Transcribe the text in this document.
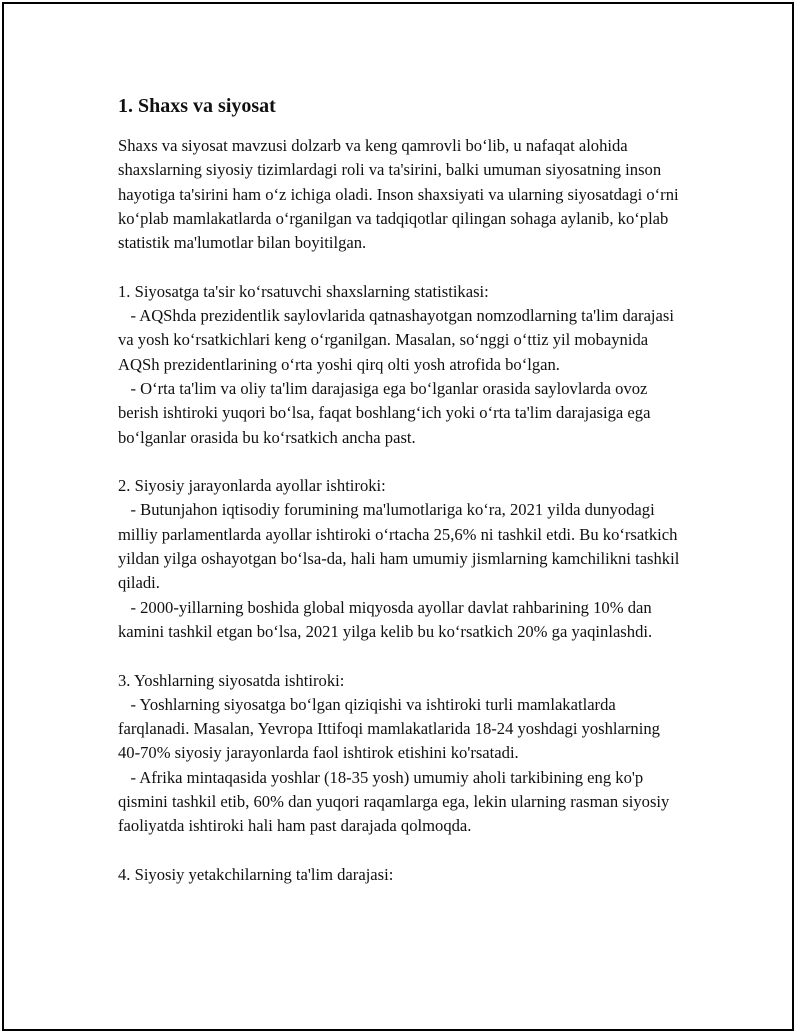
1. Shaxs va siyosat

Shaxs va siyosat mavzusi dolzarb va keng qamrovli bo‘lib, u nafaqat alohida shaxslarning siyosiy tizimlardagi roli va ta'sirini, balki umuman siyosatning inson hayotiga ta'sirini ham o‘z ichiga oladi. Inson shaxsiyati va ularning siyosatdagi o‘rni ko‘plab mamlakatlarda o‘rganilgan va tadqiqotlar qilingan sohaga aylanib, ko‘plab statistik ma'lumotlar bilan boyitilgan.

1. Siyosatga ta'sir ko‘rsatuvchi shaxslarning statistikasi:

- AQShda prezidentlik saylovlarida qatnashayotgan nomzodlarning ta'lim darajasi va yosh ko‘rsatkichlari keng o‘rganilgan. Masalan, so‘nggi o‘ttiz yil mobaynida AQSh prezidentlarining o‘rta yoshi qirq olti yosh atrofida bo‘lgan.

- O‘rta ta'lim va oliy ta'lim darajasiga ega bo‘lganlar orasida saylovlarda ovoz berish ishtiroki yuqori bo‘lsa, faqat boshlang‘ich yoki o‘rta ta'lim darajasiga ega bo‘lganlar orasida bu ko‘rsatkich ancha past.

2. Siyosiy jarayonlarda ayollar ishtiroki:

- Butunjahon iqtisodiy forumining ma'lumotlariga ko‘ra, 2021 yilda dunyodagi milliy parlamentlarda ayollar ishtiroki o‘rtacha 25,6% ni tashkil etdi. Bu ko‘rsatkich yildan yilga oshayotgan bo‘lsa-da, hali ham umumiy jismlarning kamchilikni tashkil qiladi.

- 2000-yillarning boshida global miqyosda ayollar davlat rahbarining 10% dan kamini tashkil etgan bo‘lsa, 2021 yilga kelib bu ko‘rsatkich 20% ga yaqinlashdi.

3. Yoshlarning siyosatda ishtiroki:

- Yoshlarning siyosatga bo‘lgan qiziqishi va ishtiroki turli mamlakatlarda farqlanadi. Masalan, Yevropa Ittifoqi mamlakatlarida 18-24 yoshdagi yoshlarning 40-70% siyosiy jarayonlarda faol ishtirok etishini ko'rsatadi.

- Afrika mintaqasida yoshlar (18-35 yosh) umumiy aholi tarkibining eng ko'p qismini tashkil etib, 60% dan yuqori raqamlarga ega, lekin ularning rasman siyosiy faoliyatda ishtiroki hali ham past darajada qolmoqda.

4. Siyosiy yetakchilarning ta'lim darajasi:
